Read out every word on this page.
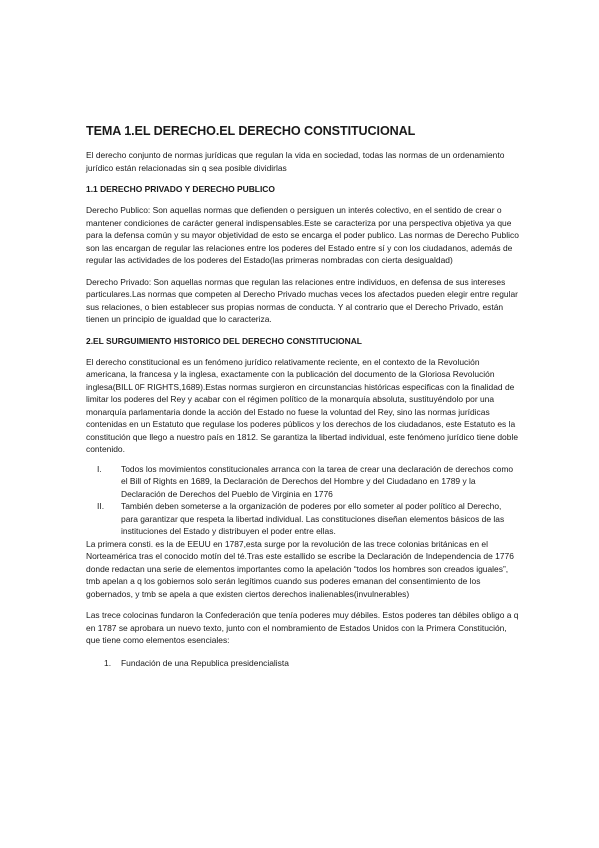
TEMA 1.EL DERECHO.EL DERECHO CONSTITUCIONAL

El derecho conjunto de normas jurídicas que regulan la vida en sociedad, todas las normas de un ordenamiento jurídico están relacionadas sin q sea posible dividirlas

1.1 DERECHO PRIVADO Y DERECHO PUBLICO

Derecho Publico: Son aquellas normas que defienden o persiguen un interés colectivo, en el sentido de crear o mantener condiciones de carácter general indispensables.Este se caracteriza por una perspectiva objetiva ya que para la defensa común y su mayor objetividad de esto se encarga el poder publico. Las normas de Derecho Publico son las encargan de regular las relaciones entre los poderes del Estado entre sí y con los ciudadanos, además de regular las actividades de los poderes del Estado(las primeras nombradas con cierta desigualdad)

Derecho Privado: Son aquellas normas que regulan las relaciones entre individuos, en defensa de sus intereses particulares.Las normas que competen al Derecho Privado muchas veces los afectados pueden elegir entre regular sus relaciones, o bien establecer sus propias normas de conducta. Y al contrario que el Derecho Privado, están tienen un principio de igualdad que lo caracteriza.

2.EL SURGUIMIENTO HISTORICO DEL DERECHO CONSTITUCIONAL

El derecho constitucional es un fenómeno jurídico relativamente reciente, en el contexto de la Revolución americana, la francesa y la inglesa, exactamente con la publicación del documento de la Gloriosa Revolución inglesa(BILL 0F RIGHTS,1689).Estas normas surgieron en circunstancias históricas especificas con la finalidad de limitar los poderes del Rey y acabar con el régimen político de la monarquía absoluta, sustituyéndolo por una monarquía parlamentaria donde la acción del Estado no fuese la voluntad del Rey, sino las normas jurídicas contenidas en un Estatuto que regulase los poderes públicos y los derechos de los ciudadanos, este Estatuto es la constitución que llego a nuestro país en 1812. Se garantiza la libertad individual, este fenómeno jurídico tiene doble contenido.

I. Todos los movimientos constitucionales arranca con la tarea de crear una declaración de derechos como el Bill of Rights en 1689, la Declaración de Derechos del Hombre y del Ciudadano en 1789 y la Declaración de Derechos del Pueblo de Virginia en 1776
II. También deben someterse a la organización de poderes por ello someter al poder político al Derecho, para garantizar que respeta la libertad individual. Las constituciones diseñan elementos básicos de las instituciones del Estado y distribuyen el poder entre ellas.

La primera consti. es la de EEUU en 1787,esta surge por la revolución de las trece colonias británicas en el Norteamérica tras el conocido motín del té.Tras este estallido se escribe la Declaración de Independencia de 1776 donde redactan una serie de elementos importantes como la apelación “todos los hombres son creados iguales”, tmb apelan a q los gobiernos solo serán legítimos cuando sus poderes emanan del consentimiento de los gobernados, y tmb se apela a que existen ciertos derechos inalienables(invulnerables)

Las trece colocinas fundaron la Confederación que tenía poderes muy débiles. Estos poderes tan débiles obligo a q en 1787 se aprobara un nuevo texto, junto con el nombramiento de Estados Unidos con la Primera Constitución, que tiene como elementos esenciales:

1. Fundación de una Republica presidencialista
